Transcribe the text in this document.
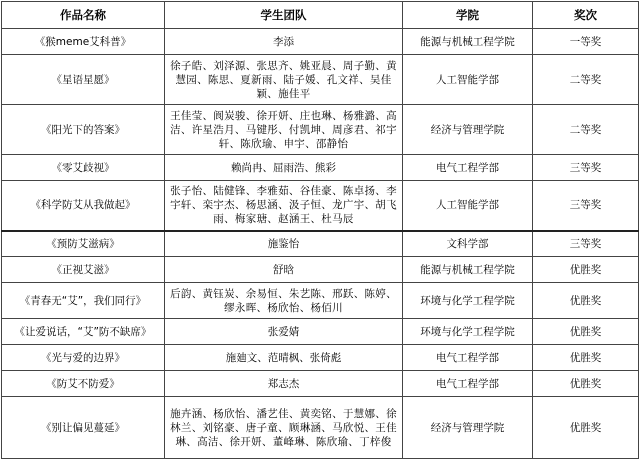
作品名称	学生团队	学院	奖次
《猴meme艾科普》	李添	能源与机械工程学院	一等奖
《星语星愿》	徐子皓、刘泽源、张思齐、姚亚晨、周子勤、黄慧园、陈思、夏新雨、陆子媛、孔文祥、吴佳颖、施佳平	人工智能学部	二等奖
《阳光下的答案》	王佳莹、阆炭骏、徐开妍、庄也琳、杨雅潞、高洁、许星浩月、马键彤、付凯坤、周彦君、祁宇轩、陈欣瑜、申宇、邵静怡	经济与管理学院	二等奖
《零艾歧视》	赖尚冉、屈雨浩、熊彩	电气工程学部	三等奖
《科学防艾从我做起》	张子怡、陆健锋、李雅茹、谷佳豪、陈卓扬、李宇轩、栾宇杰、杨思涵、汲子恒、龙广宇、胡飞雨、梅家瑭、赵涵王、杜马辰	人工智能学部	三等奖
《预防艾滋病》	施鉴怡	文科学部	三等奖
《正视艾滋》	舒晗	能源与机械工程学院	优胜奖
《青春无“艾”，我们同行》	后韵、黄钰炭、余易恒、朱艺陈、邢跃、陈婷、缪永晖、杨欣怡、杨佰川	环境与化学工程学院	优胜奖
《让爱说话，“艾”防不缺席》	张爱婧	环境与化学工程学院	优胜奖
《光与爱的边界》	施廸文、范晴枫、张倚彪	电气工程学部	优胜奖
《防艾不防爱》	郑志杰	电气工程学部	优胜奖
《别让偏见蔓延》	施卉涵、杨欣怡、潘艺佳、黄奕铭、于慧娜、徐林兰、刘铭豪、唐子童、顾琳涵、马欣悦、王佳琳、高洁、徐开妍、董峰琳、陈欣瑜、丁梓俊	经济与管理学院	优胜奖
